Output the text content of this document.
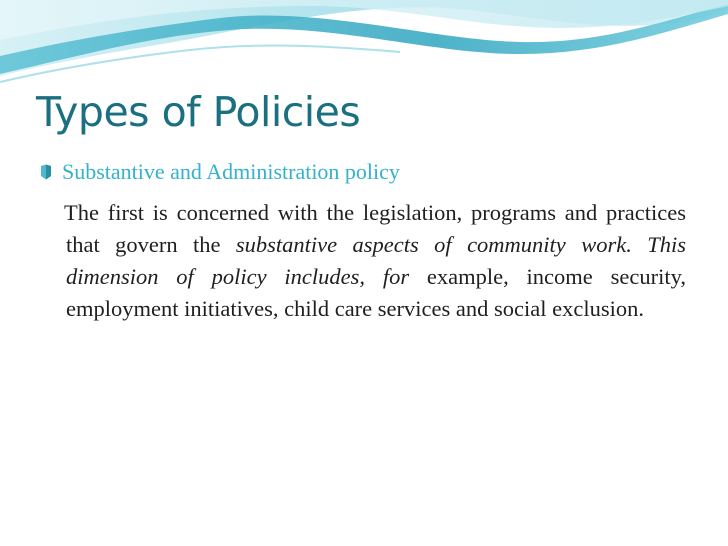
Types of Policies
Substantive and Administration policy

The first is concerned with the legislation, programs and practices that govern the substantive aspects of community work. This dimension of policy includes, for example, income security, employment initiatives, child care services and social exclusion.
